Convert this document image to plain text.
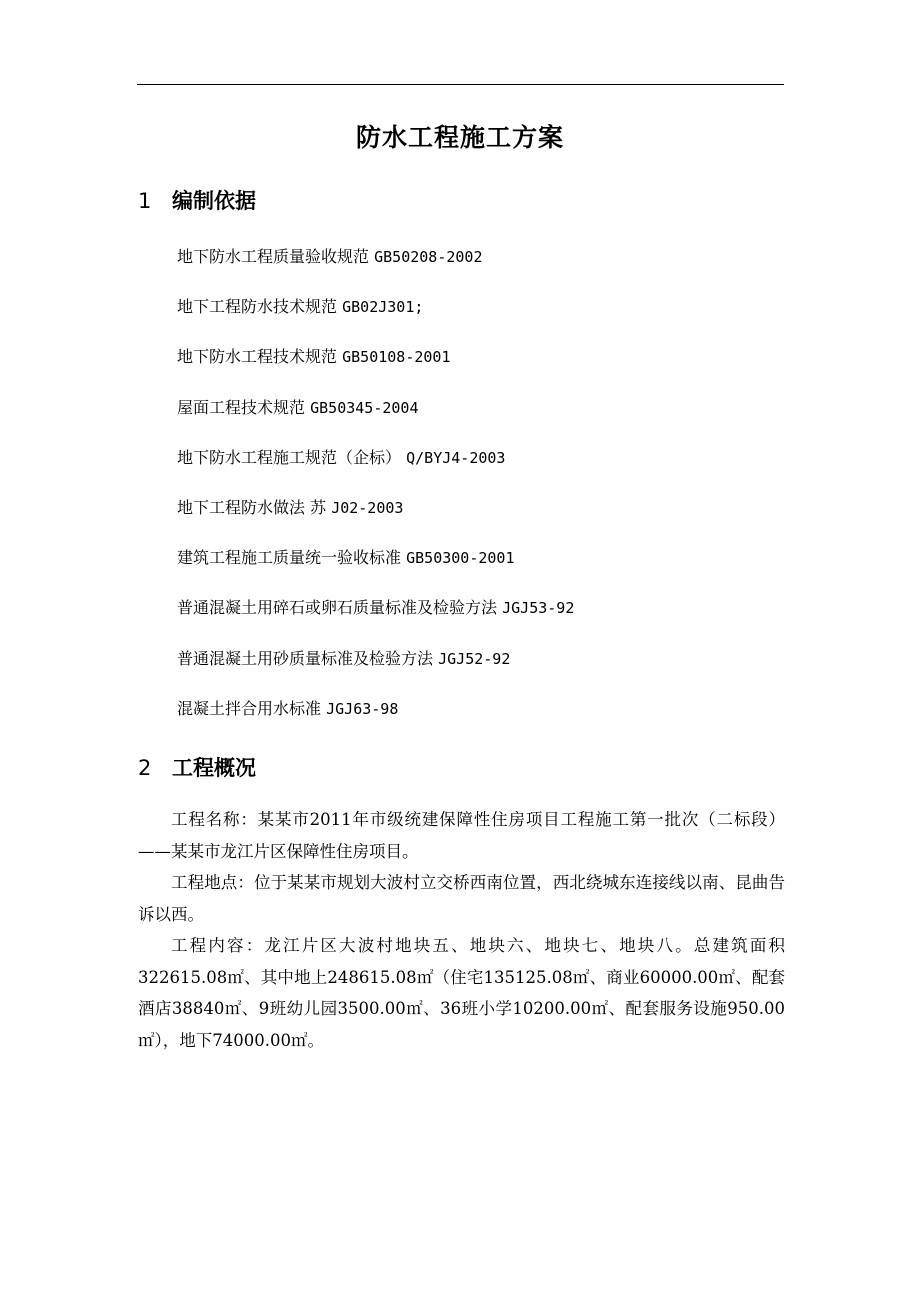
防水工程施工方案
1 编制依据
地下防水工程质量验收规范 GB50208-2002
地下工程防水技术规范 GB02J301;
地下防水工程技术规范 GB50108-2001
屋面工程技术规范 GB50345-2004
地下防水工程施工规范（企标） Q/BYJ4-2003
地下工程防水做法 苏 J02-2003
建筑工程施工质量统一验收标准 GB50300-2001
普通混凝土用碎石或卵石质量标准及检验方法 JGJ53-92
普通混凝土用砂质量标准及检验方法 JGJ52-92
混凝土拌合用水标准 JGJ63-98
2 工程概况

工程名称：某某市2011年市级统建保障性住房项目工程施工第一批次（二标段）——某某市龙江片区保障性住房项目。

工程地点：位于某某市规划大波村立交桥西南位置，西北绕城东连接线以南、昆曲告诉以西。

工程内容：龙江片区大波村地块五、地块六、地块七、地块八。总建筑面积322615.08㎡、其中地上248615.08㎡（住宅135125.08㎡、商业60000.00㎡、配套酒店38840㎡、9班幼儿园3500.00㎡、36班小学10200.00㎡、配套服务设施950.00㎡），地下74000.00㎡。
